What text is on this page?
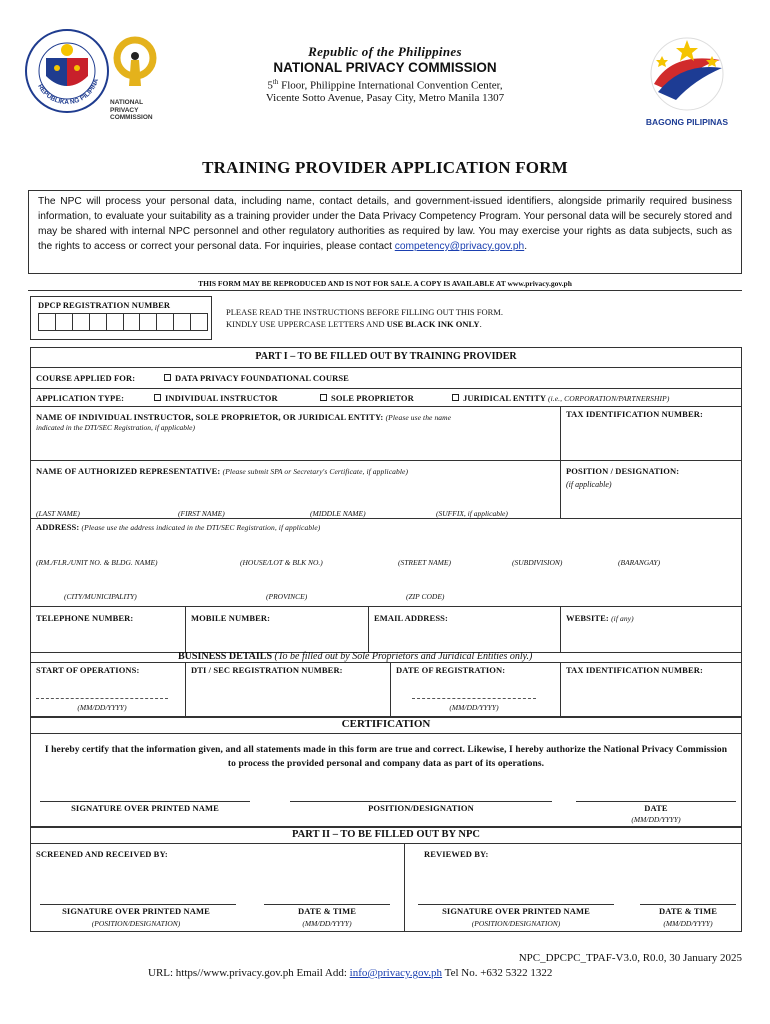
REPUBLIKA NG PILIPINA
NATIONAL
PRIVACY
COMMISSION
Republic of the Philippines
NATIONAL PRIVACY COMMISSION
5th Floor, Philippine International Convention Center,
Vicente Sotto Avenue, Pasay City, Metro Manila 1307
BAGONG PILIPINAS
TRAINING PROVIDER APPLICATION FORM
The NPC will process your personal data, including name, contact details, and government-issued identifiers, alongside primarily required business information, to evaluate your suitability as a training provider under the Data Privacy Competency Program. Your personal data will be securely stored and may be shared with internal NPC personnel and other regulatory authorities as required by law. You may exercise your rights as data subjects, such as the rights to access or correct your personal data. For inquiries, please contact competency@privacy.gov.ph.
THIS FORM MAY BE REPRODUCED AND IS NOT FOR SALE. A COPY IS AVAILABLE AT www.privacy.gov.ph
DPCP REGISTRATION NUMBER
PLEASE READ THE INSTRUCTIONS BEFORE FILLING OUT THIS FORM.
KINDLY USE UPPERCASE LETTERS AND USE BLACK INK ONLY.
PART I – TO BE FILLED OUT BY TRAINING PROVIDER
COURSE APPLIED FOR:	DATA PRIVACY FOUNDATIONAL COURSE
APPLICATION TYPE:	INDIVIDUAL INSTRUCTOR	SOLE PROPRIETOR	JURIDICAL ENTITY (i.e., CORPORATION/PARTNERSHIP)
NAME OF INDIVIDUAL INSTRUCTOR, SOLE PROPRIETOR, OR JURIDICAL ENTITY: (Please use the name
indicated in the DTI/SEC Registration, if applicable)
TAX IDENTIFICATION NUMBER:
NAME OF AUTHORIZED REPRESENTATIVE: (Please submit SPA or Secretary's Certificate, if applicable)	POSITION / DESIGNATION:
(if applicable)
(LAST NAME)	(FIRST NAME)	(MIDDLE NAME)	(SUFFIX, if applicable)
ADDRESS: (Please use the address indicated in the DTI/SEC Registration, if applicable)
(RM./FLR./UNIT NO. & BLDG. NAME)	(HOUSE/LOT & BLK NO.)	(STREET NAME)	(SUBDIVISION)	(BARANGAY)
(CITY/MUNICIPALITY)	(PROVINCE)	(ZIP CODE)
TELEPHONE NUMBER:	MOBILE NUMBER:	EMAIL ADDRESS:	WEBSITE: (if any)
BUSINESS DETAILS (To be filled out by Sole Proprietors and Juridical Entities only.)
START OF OPERATIONS:	DTI / SEC REGISTRATION NUMBER:	DATE OF REGISTRATION:	TAX IDENTIFICATION NUMBER:
(MM/DD/YYYY)	(MM/DD/YYYY)
CERTIFICATION
I hereby certify that the information given, and all statements made in this form are true and correct. Likewise, I hereby authorize the National Privacy Commission to process the provided personal and company data as part of its operations.
SIGNATURE OVER PRINTED NAME	POSITION/DESIGNATION	DATE
(MM/DD/YYYY)
PART II – TO BE FILLED OUT BY NPC
SCREENED AND RECEIVED BY:	REVIEWED BY:
SIGNATURE OVER PRINTED NAME
(POSITION/DESIGNATION)
DATE & TIME
(MM/DD/YYYY)
SIGNATURE OVER PRINTED NAME
(POSITION/DESIGNATION)
DATE & TIME
(MM/DD/YYYY)
NPC_DPCPC_TPAF-V3.0, R0.0, 30 January 2025
URL: https//www.privacy.gov.ph Email Add: info@privacy.gov.ph Tel No. +632 5322 1322
